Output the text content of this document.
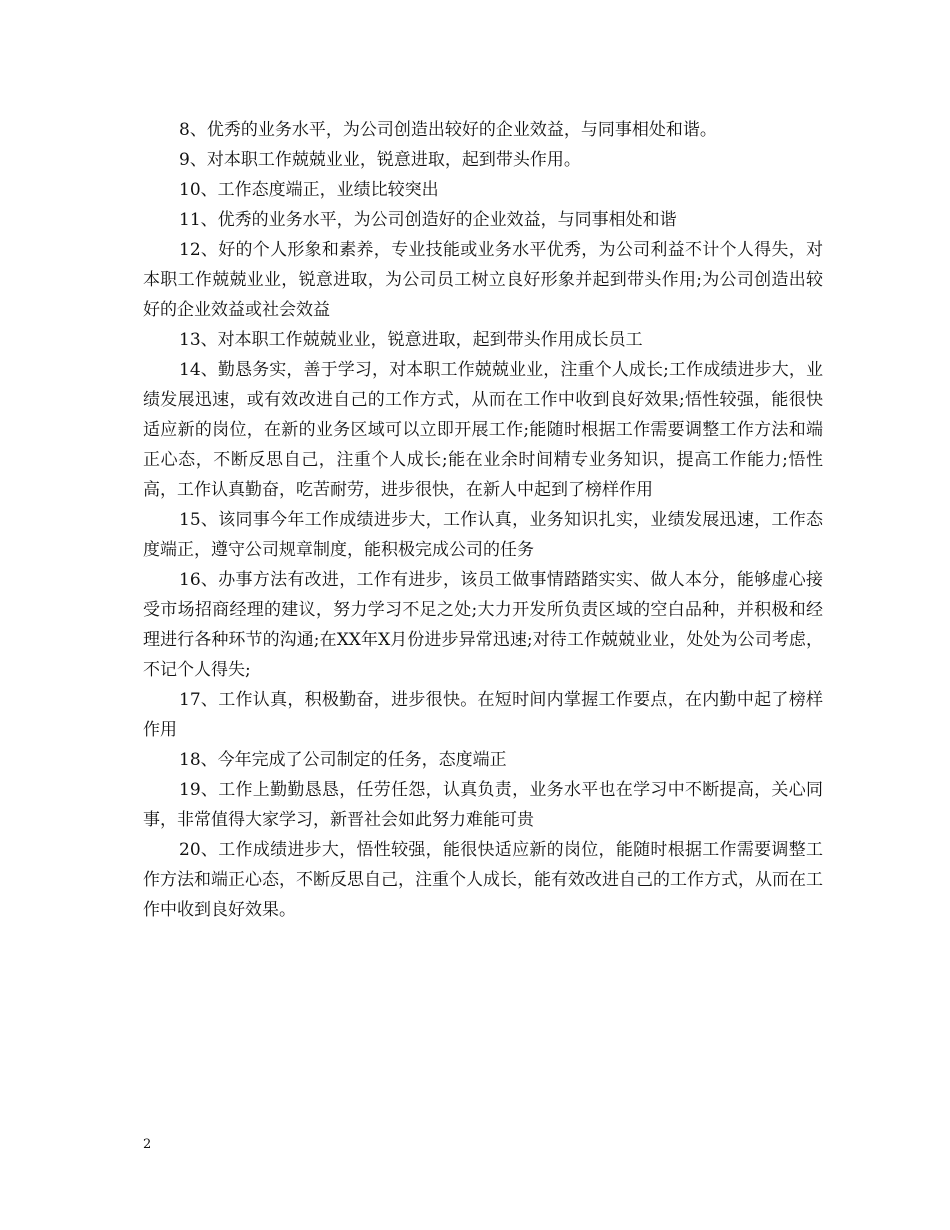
8、优秀的业务水平，为公司创造出较好的企业效益，与同事相处和谐。

9、对本职工作兢兢业业，锐意进取，起到带头作用。

10、工作态度端正，业绩比较突出

11、优秀的业务水平，为公司创造好的企业效益，与同事相处和谐

12、好的个人形象和素养，专业技能或业务水平优秀，为公司利益不计个人得失，对本职工作兢兢业业，锐意进取，为公司员工树立良好形象并起到带头作用;为公司创造出较好的企业效益或社会效益

13、对本职工作兢兢业业，锐意进取，起到带头作用成长员工

14、勤恳务实，善于学习，对本职工作兢兢业业，注重个人成长;工作成绩进步大，业绩发展迅速，或有效改进自己的工作方式，从而在工作中收到良好效果;悟性较强，能很快适应新的岗位，在新的业务区域可以立即开展工作;能随时根据工作需要调整工作方法和端正心态，不断反思自己，注重个人成长;能在业余时间精专业务知识，提高工作能力;悟性高，工作认真勤奋，吃苦耐劳，进步很快，在新人中起到了榜样作用

15、该同事今年工作成绩进步大，工作认真，业务知识扎实，业绩发展迅速，工作态度端正，遵守公司规章制度，能积极完成公司的任务

16、办事方法有改进，工作有进步，该员工做事情踏踏实实、做人本分，能够虚心接受市场招商经理的建议，努力学习不足之处;大力开发所负责区域的空白品种，并积极和经理进行各种环节的沟通;在XX年X月份进步异常迅速;对待工作兢兢业业，处处为公司考虑，不记个人得失;

17、工作认真，积极勤奋，进步很快。在短时间内掌握工作要点，在内勤中起了榜样作用

18、今年完成了公司制定的任务，态度端正

19、工作上勤勤恳恳，任劳任怨，认真负责，业务水平也在学习中不断提高，关心同事，非常值得大家学习，新晋社会如此努力难能可贵

20、工作成绩进步大，悟性较强，能很快适应新的岗位，能随时根据工作需要调整工作方法和端正心态，不断反思自己，注重个人成长，能有效改进自己的工作方式，从而在工作中收到良好效果。

2
